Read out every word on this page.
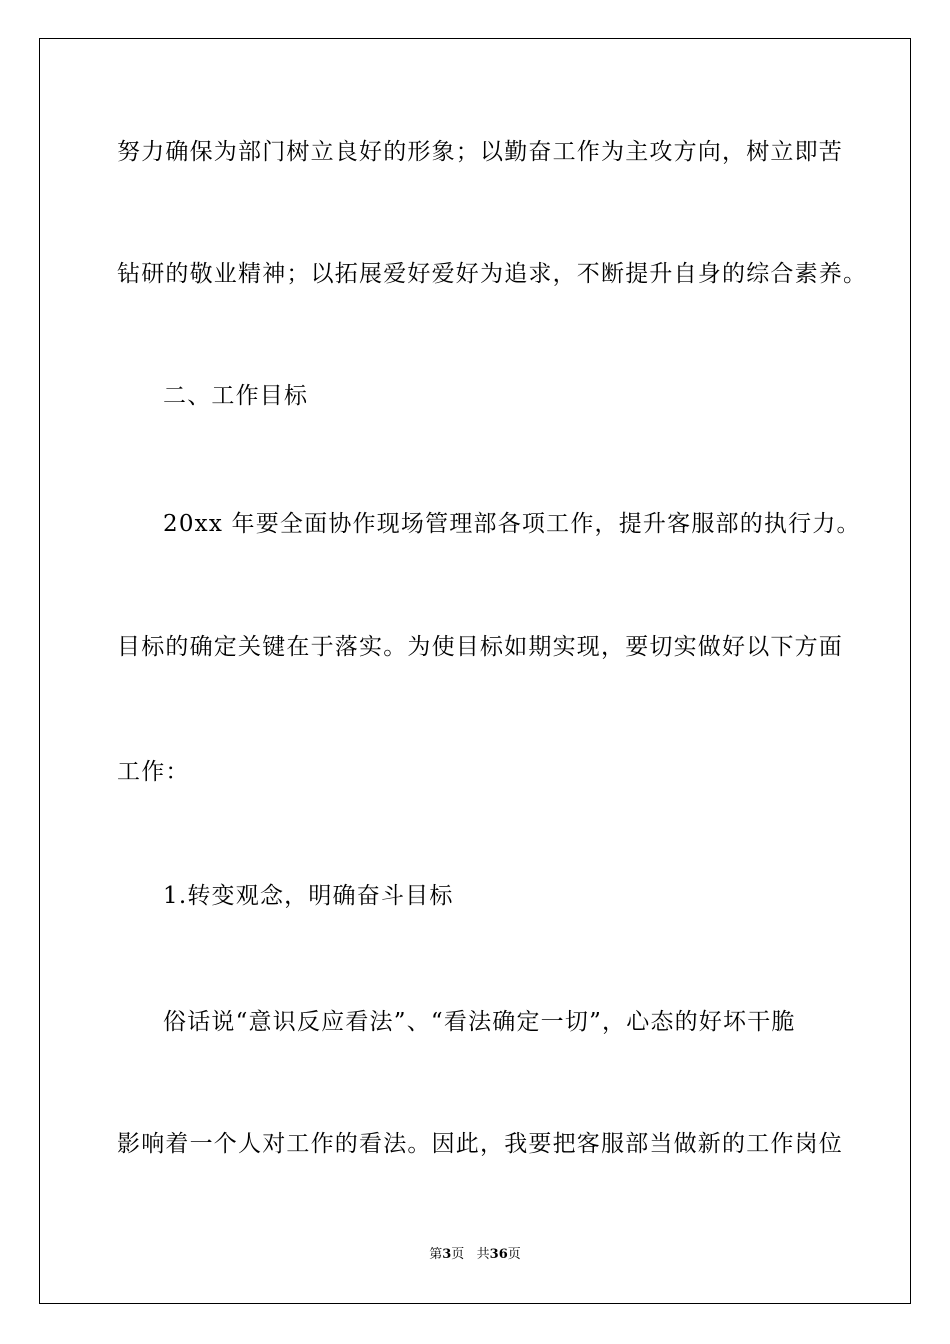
努力确保为部门树立良好的形象；以勤奋工作为主攻方向，树立即苦
钻研的敬业精神；以拓展爱好爱好为追求，不断提升自身的综合素养。
二、工作目标
20xx 年要全面协作现场管理部各项工作，提升客服部的执行力。
目标的确定关键在于落实。为使目标如期实现，要切实做好以下方面
工作：
1.转变观念，明确奋斗目标
俗话说“意识反应看法”、“看法确定一切”，心态的好坏干脆
影响着一个人对工作的看法。因此，我要把客服部当做新的工作岗位
第3页   共36页
